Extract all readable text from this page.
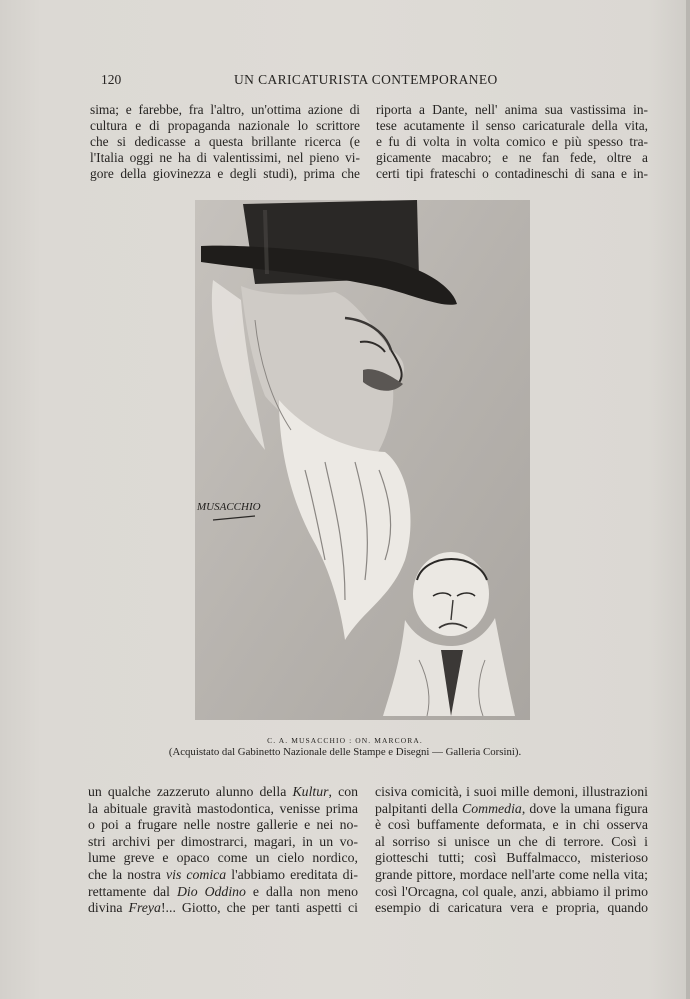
120	UN CARICATURISTA CONTEMPORANEO
sima; e farebbe, fra l'altro, un'ottima azione di
cultura e di propaganda nazionale lo scrittore
che si dedicasse a questa brillante ricerca (e
l'Italia oggi ne ha di valentissimi, nel pieno vi-
gore della giovinezza e degli studi), prima che
riporta a Dante, nell' anima sua vastissima in-
tese acutamente il senso caricaturale della vita,
e fu di volta in volta comico e più spesso tra-
gicamente macabro; e ne fan fede, oltre a
certi tipi frateschi o contadineschi di sana e in-
MUSACCHIO
C. A. MUSACCHIO : ON. MARCORA.
(Acquistato dal Gabinetto Nazionale delle Stampe e Disegni — Galleria Corsini).
un qualche zazzeruto alunno della Kultur, con
la abituale gravità mastodontica, venisse prima
o poi a frugare nelle nostre gallerie e nei no-
stri archivi per dimostrarci, magari, in un vo-
lume greve e opaco come un cielo nordico,
che la nostra vis comica l'abbiamo ereditata di-
rettamente dal Dio Oddino e dalla non meno
divina Freya!... Giotto, che per tanti aspetti ci
cisiva comicità, i suoi mille demoni, illustrazioni
palpitanti della Commedia, dove la umana figura
è così buffamente deformata, e in chi osserva
al sorriso si unisce un che di terrore. Così i
giotteschi tutti; così Buffalmacco, misterioso
grande pittore, mordace nell'arte come nella vita;
così l'Orcagna, col quale, anzi, abbiamo il primo
esempio di caricatura vera e propria, quando
